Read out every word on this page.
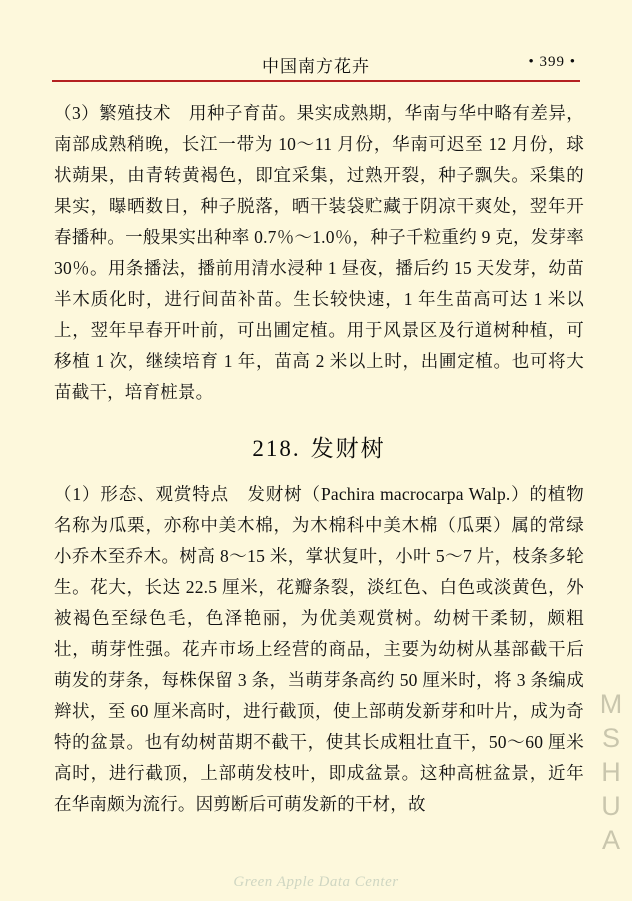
中国南方花卉	• 399 •

（3）繁殖技术　用种子育苗。果实成熟期，华南与华中略有差异，南部成熟稍晚，长江一带为 10～11 月份，华南可迟至 12 月份，球状蒴果，由青转黄褐色，即宜采集，过熟开裂，种子飘失。采集的果实，曝晒数日，种子脱落，晒干装袋贮藏于阴凉干爽处，翌年开春播种。一般果实出种率 0.7％～1.0％，种子千粒重约 9 克，发芽率 30％。用条播法，播前用清水浸种 1 昼夜，播后约 15 天发芽，幼苗半木质化时，进行间苗补苗。生长较快速，1 年生苗高可达 1 米以上，翌年早春开叶前，可出圃定植。用于风景区及行道树种植，可移植 1 次，继续培育 1 年，苗高 2 米以上时，出圃定植。也可将大苗截干，培育桩景。

218. 发财树

（1）形态、观赏特点　发财树（Pachira macrocarpa Walp.）的植物名称为瓜栗，亦称中美木棉，为木棉科中美木棉（瓜栗）属的常绿小乔木至乔木。树高 8～15 米，掌状复叶，小叶 5～7 片，枝条多轮生。花大，长达 22.5 厘米，花瓣条裂，淡红色、白色或淡黄色，外被褐色至绿色毛，色泽艳丽，为优美观赏树。幼树干柔韧，颇粗壮，萌芽性强。花卉市场上经营的商品，主要为幼树从基部截干后萌发的芽条，每株保留 3 条，当萌芽条高约 50 厘米时，将 3 条编成辫状，至 60 厘米高时，进行截顶，使上部萌发新芽和叶片，成为奇特的盆景。也有幼树苗期不截干，使其长成粗壮直干，50～60 厘米高时，进行截顶，上部萌发枝叶，即成盆景。这种高桩盆景，近年在华南颇为流行。因剪断后可萌发新的干材，故	MSHUA
Green Apple Data Center
